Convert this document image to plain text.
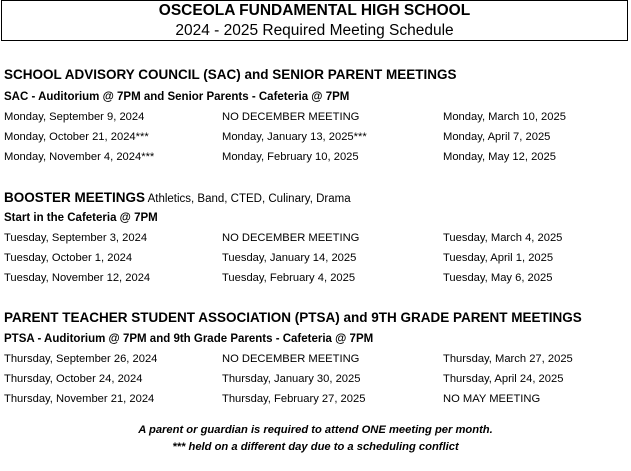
OSCEOLA FUNDAMENTAL HIGH SCHOOL
2024 - 2025 Required Meeting Schedule
SCHOOL ADVISORY COUNCIL (SAC) and SENIOR PARENT MEETINGS
SAC - Auditorium @ 7PM and Senior Parents - Cafeteria @ 7PM
Monday, September 9, 2024	NO DECEMBER MEETING	Monday, March 10, 2025
Monday, October 21, 2024***	Monday, January 13, 2025***	Monday, April 7, 2025
Monday, November 4, 2024***	Monday, February 10, 2025	Monday, May 12, 2025
BOOSTER MEETINGS Athletics, Band, CTED, Culinary, Drama
Start in the Cafeteria @ 7PM
Tuesday, September 3, 2024	NO DECEMBER MEETING	Tuesday, March 4, 2025
Tuesday, October 1, 2024	Tuesday, January 14, 2025	Tuesday, April 1, 2025
Tuesday, November 12, 2024	Tuesday, February 4, 2025	Tuesday, May 6, 2025
PARENT TEACHER STUDENT ASSOCIATION (PTSA) and 9TH GRADE PARENT MEETINGS
PTSA - Auditorium @ 7PM and 9th Grade Parents - Cafeteria @ 7PM
Thursday, September 26, 2024	NO DECEMBER MEETING	Thursday, March 27, 2025
Thursday, October 24, 2024	Thursday, January 30, 2025	Thursday, April 24, 2025
Thursday, November 21, 2024	Thursday, February 27, 2025	NO MAY MEETING
A parent or guardian is required to attend ONE meeting per month.
*** held on a different day due to a scheduling conflict
